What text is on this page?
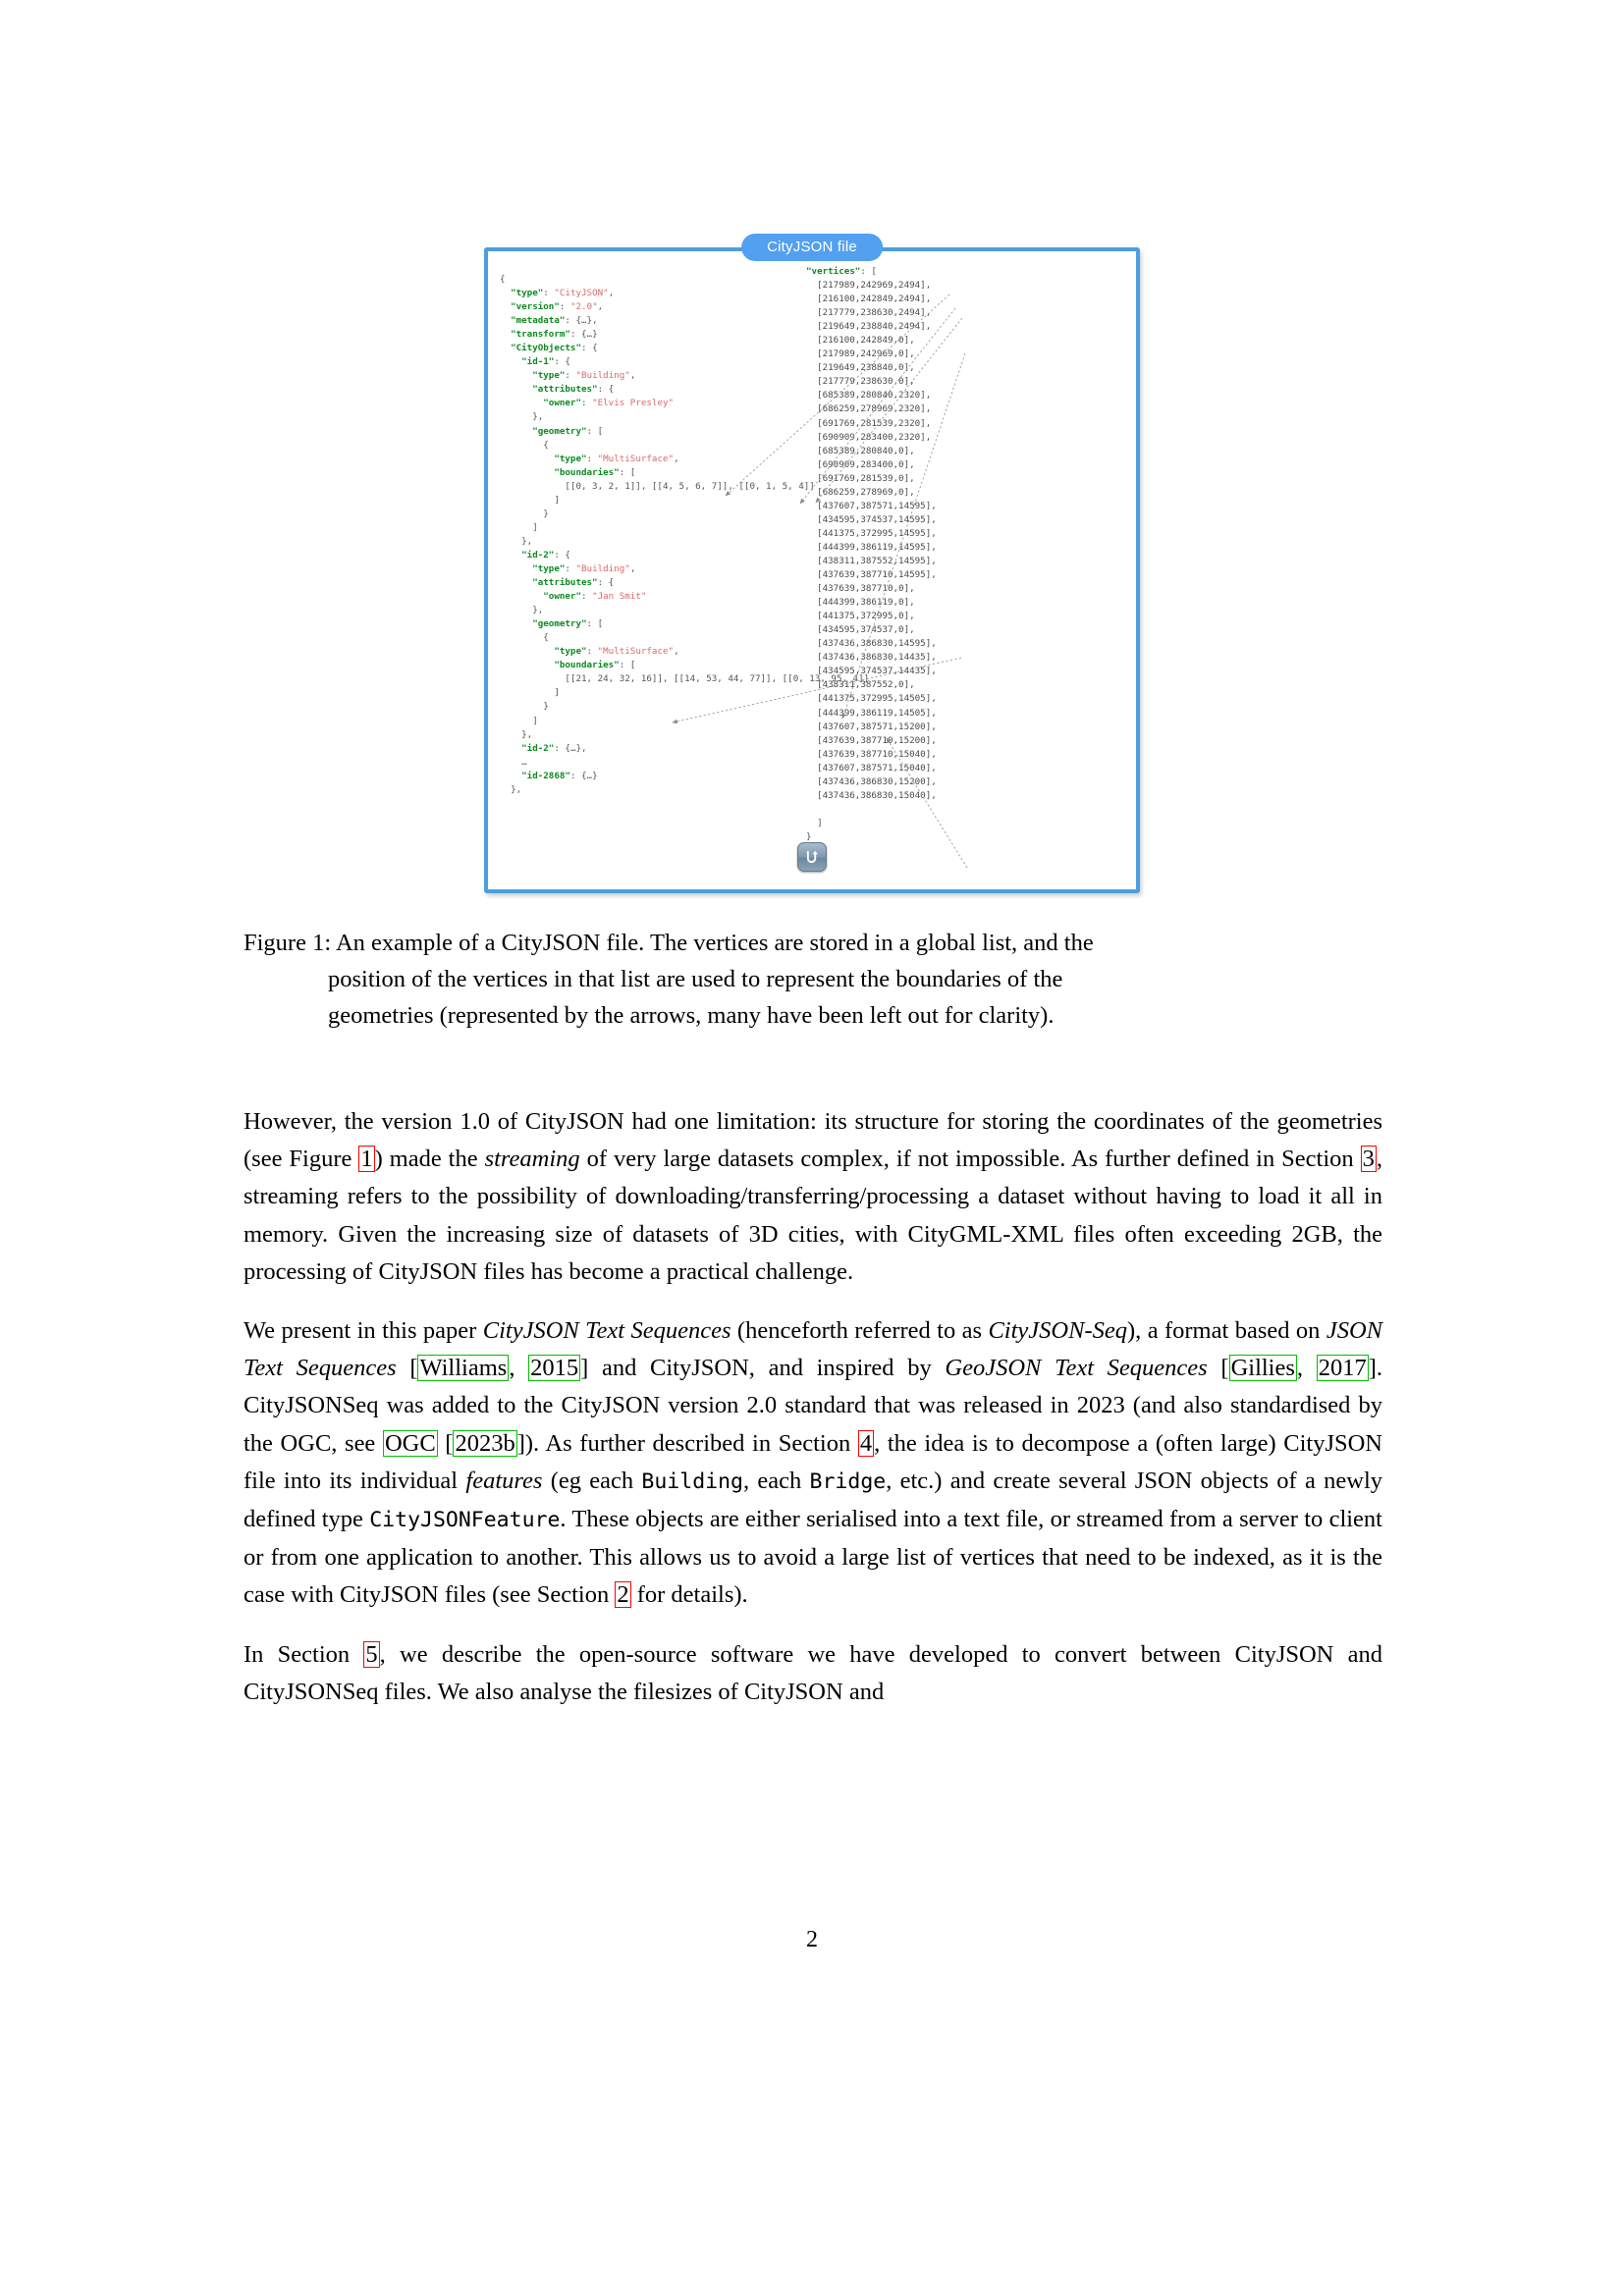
CityJSON file
{
"type": "CityJSON",
"version": "2.0",
"metadata": {…},
"transform": {…}
"CityObjects": {
"id-1": {
"type": "Building",
"attributes": {
"owner": "Elvis Presley"
},
"geometry": [
{
"type": "MultiSurface",
"boundaries": [
[[0, 3, 2, 1]], [[4, 5, 6, 7]], [[0, 1, 5, 4]]
]
}
]
},
"id-2": {
"type": "Building",
"attributes": {
"owner": "Jan Smit"
},
"geometry": [
{
"type": "MultiSurface",
"boundaries": [
[[21, 24, 32, 16]], [[14, 53, 44, 77]], [[0, 13, 95, 4]]
]
}
]
},
"id-2": {…},
…
"id-2868": {…}
},
"vertices": [
[217989,242969,2494],
[216100,242849,2494],
[217779,238630,2494],
[219649,238840,2494],
[216100,242849,0],
[217989,242969,0],
[219649,238840,0],
[217779,238630,0],
[685389,280840,2320],
[686259,278969,2320],
[691769,281539,2320],
[690909,283400,2320],
[685389,280840,0],
[690909,283400,0],
[691769,281539,0],
[686259,278969,0],
[437607,387571,14595],
[434595,374537,14595],
[441375,372995,14595],
[444399,386119,14595],
[438311,387552,14595],
[437639,387710,14595],
[437639,387710,0],
[444399,386119,0],
[441375,372995,0],
[434595,374537,0],
[437436,386830,14595],
[437436,386830,14435],
[434595,374537,14435],
[438311,387552,0],
[441375,372995,14505],
[444399,386119,14505],
[437607,387571,15200],
[437639,387710,15200],
[437639,387710,15040],
[437607,387571,15040],
[437436,386830,15200],
[437436,386830,15040],

]
}
Figure 1: An example of a CityJSON file. The vertices are stored in a global list, and the
position of the vertices in that list are used to represent the boundaries of the
geometries (represented by the arrows, many have been left out for clarity).

However, the version 1.0 of CityJSON had one limitation: its structure for storing the coordinates of the geometries (see Figure 1) made the streaming of very large datasets complex, if not impossible. As further defined in Section 3, streaming refers to the possibility of downloading/transferring/processing a dataset without having to load it all in memory. Given the increasing size of datasets of 3D cities, with CityGML-XML files often exceeding 2GB, the processing of CityJSON files has become a practical challenge.

We present in this paper CityJSON Text Sequences (henceforth referred to as CityJSON-Seq), a format based on JSON Text Sequences [Williams, 2015] and CityJSON, and inspired by GeoJSON Text Sequences [Gillies, 2017]. CityJSONSeq was added to the CityJSON version 2.0 standard that was released in 2023 (and also standardised by the OGC, see OGC [2023b]). As further described in Section 4, the idea is to decompose a (often large) CityJSON file into its individual features (eg each Building, each Bridge, etc.) and create several JSON objects of a newly defined type CityJSONFeature. These objects are either serialised into a text file, or streamed from a server to client or from one application to another. This allows us to avoid a large list of vertices that need to be indexed, as it is the case with CityJSON files (see Section 2 for details).

In Section 5, we describe the open-source software we have developed to convert between CityJSON and CityJSONSeq files. We also analyse the filesizes of CityJSON and

2
